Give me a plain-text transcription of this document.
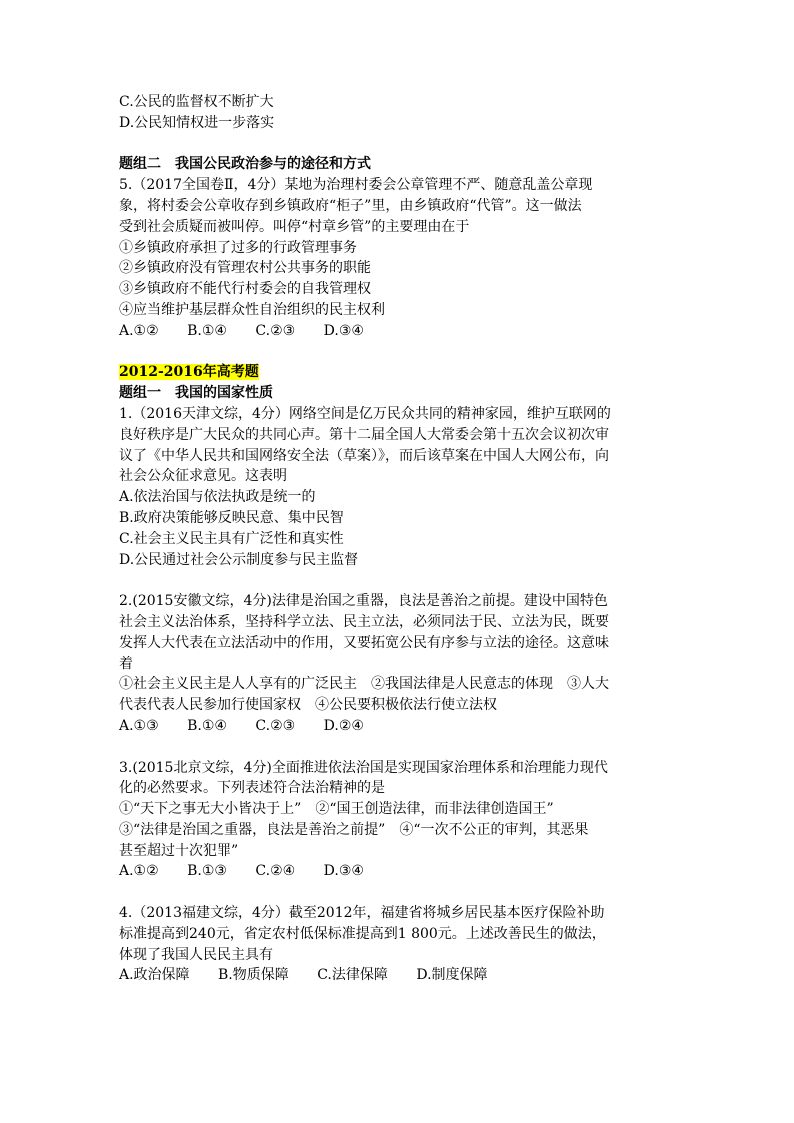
C.公民的监督权不断扩大
D.公民知情权进一步落实
题组二　我国公民政治参与的途径和方式
5.（2017全国卷Ⅱ，4分）某地为治理村委会公章管理不严、随意乱盖公章现
象，将村委会公章收存到乡镇政府“柜子”里，由乡镇政府“代管”。这一做法
受到社会质疑而被叫停。叫停“村章乡管”的主要理由在于
①乡镇政府承担了过多的行政管理事务
②乡镇政府没有管理农村公共事务的职能
③乡镇政府不能代行村委会的自我管理权
④应当维护基层群众性自治组织的民主权利
A.①② B.①④ C.②③ D.③④
2012-2016年高考题
题组一　我国的国家性质
1.（2016天津文综，4分）网络空间是亿万民众共同的精神家园，维护互联网的
良好秩序是广大民众的共同心声。第十二届全国人大常委会第十五次会议初次审
议了《中华人民共和国网络安全法（草案）》，而后该草案在中国人大网公布，向
社会公众征求意见。这表明
A.依法治国与依法执政是统一的
B.政府决策能够反映民意、集中民智
C.社会主义民主具有广泛性和真实性
D.公民通过社会公示制度参与民主监督
2.(2015安徽文综，4分)法律是治国之重器，良法是善治之前提。建设中国特色
社会主义法治体系，坚持科学立法、民主立法，必须同法于民、立法为民，既要
发挥人大代表在立法活动中的作用，又要拓宽公民有序参与立法的途径。这意味
着
①社会主义民主是人人享有的广泛民主　②我国法律是人民意志的体现　③人大
代表代表人民参加行使国家权　④公民要积极依法行使立法权
A.①③ B.①④ C.②③ D.②④
3.(2015北京文综，4分)全面推进依法治国是实现国家治理体系和治理能力现代
化的必然要求。下列表述符合法治精神的是
①“天下之事无大小皆决于上”　②“国王创造法律，而非法律创造国王”
③“法律是治国之重器，良法是善治之前提”　④“一次不公正的审判，其恶果
甚至超过十次犯罪”
A.①② B.①③ C.②④ D.③④
4.（2013福建文综，4分）截至2012年，福建省将城乡居民基本医疗保险补助
标准提高到240元，省定农村低保标准提高到1 800元。上述改善民生的做法，
体现了我国人民民主具有
A.政治保障 B.物质保障 C.法律保障 D.制度保障
